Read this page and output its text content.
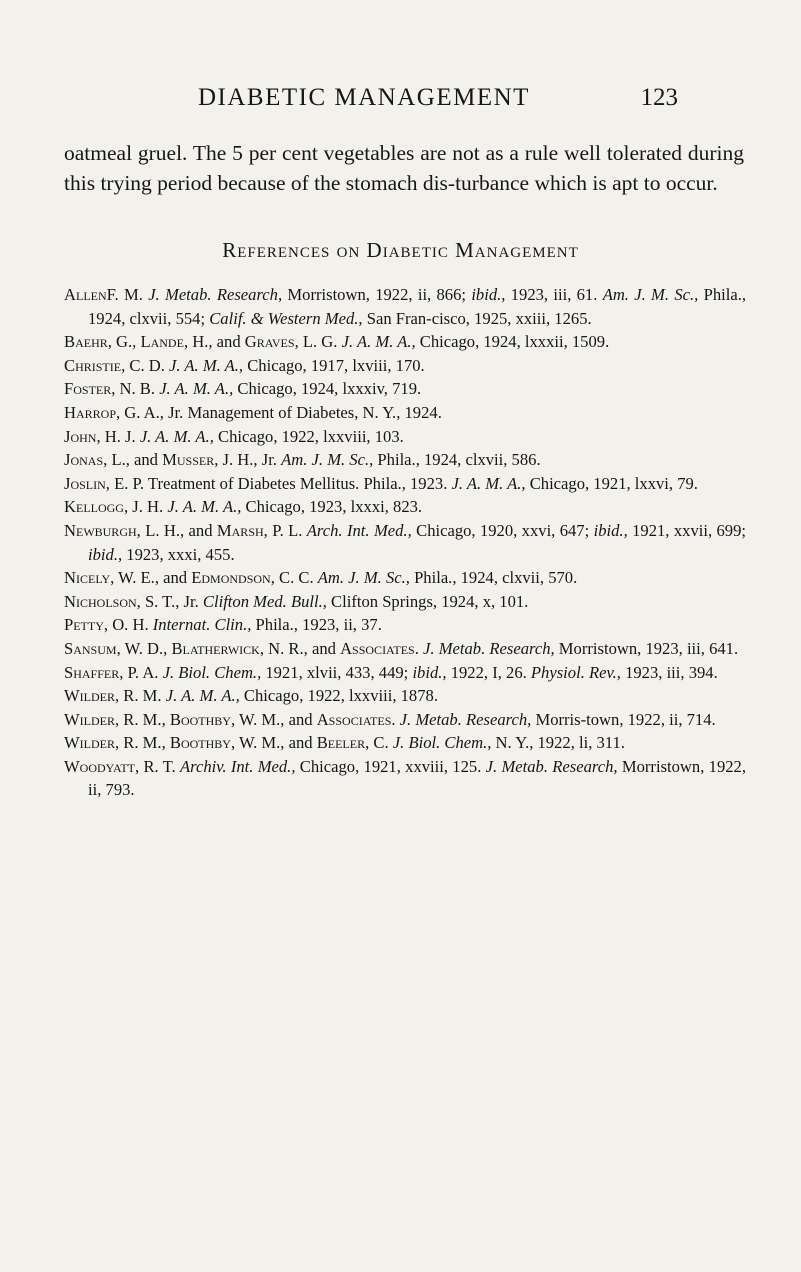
DIABETIC MANAGEMENT	123
oatmeal gruel. The 5 per cent vegetables are not as a rule well tolerated during this trying period because of the stomach dis-turbance which is apt to occur.
References on Diabetic Management
AllenF. M. J. Metab. Research, Morristown, 1922, ii, 866; ibid., 1923, iii, 61. Am. J. M. Sc., Phila., 1924, clxvii, 554; Calif. & Western Med., San Fran-cisco, 1925, xxiii, 1265.
Baehr, G., Lande, H., and Graves, L. G. J. A. M. A., Chicago, 1924, lxxxii, 1509.
Christie, C. D. J. A. M. A., Chicago, 1917, lxviii, 170.
Foster, N. B. J. A. M. A., Chicago, 1924, lxxxiv, 719.
Harrop, G. A., Jr. Management of Diabetes, N. Y., 1924.
John, H. J. J. A. M. A., Chicago, 1922, lxxviii, 103.
Jonas, L., and Musser, J. H., Jr. Am. J. M. Sc., Phila., 1924, clxvii, 586.
Joslin, E. P. Treatment of Diabetes Mellitus. Phila., 1923. J. A. M. A., Chicago, 1921, lxxvi, 79.
Kellogg, J. H. J. A. M. A., Chicago, 1923, lxxxi, 823.
Newburgh, L. H., and Marsh, P. L. Arch. Int. Med., Chicago, 1920, xxvi, 647; ibid., 1921, xxvii, 699; ibid., 1923, xxxi, 455.
Nicely, W. E., and Edmondson, C. C. Am. J. M. Sc., Phila., 1924, clxvii, 570.
Nicholson, S. T., Jr. Clifton Med. Bull., Clifton Springs, 1924, x, 101.
Petty, O. H. Internat. Clin., Phila., 1923, ii, 37.
Sansum, W. D., Blatherwick, N. R., and Associates. J. Metab. Research, Morristown, 1923, iii, 641.
Shaffer, P. A. J. Biol. Chem., 1921, xlvii, 433, 449; ibid., 1922, I, 26. Physiol. Rev., 1923, iii, 394.
Wilder, R. M. J. A. M. A., Chicago, 1922, lxxviii, 1878.
Wilder, R. M., Boothby, W. M., and Associates. J. Metab. Research, Morris-town, 1922, ii, 714.
Wilder, R. M., Boothby, W. M., and Beeler, C. J. Biol. Chem., N. Y., 1922, li, 311.
Woodyatt, R. T. Archiv. Int. Med., Chicago, 1921, xxviii, 125. J. Metab. Research, Morristown, 1922, ii, 793.
